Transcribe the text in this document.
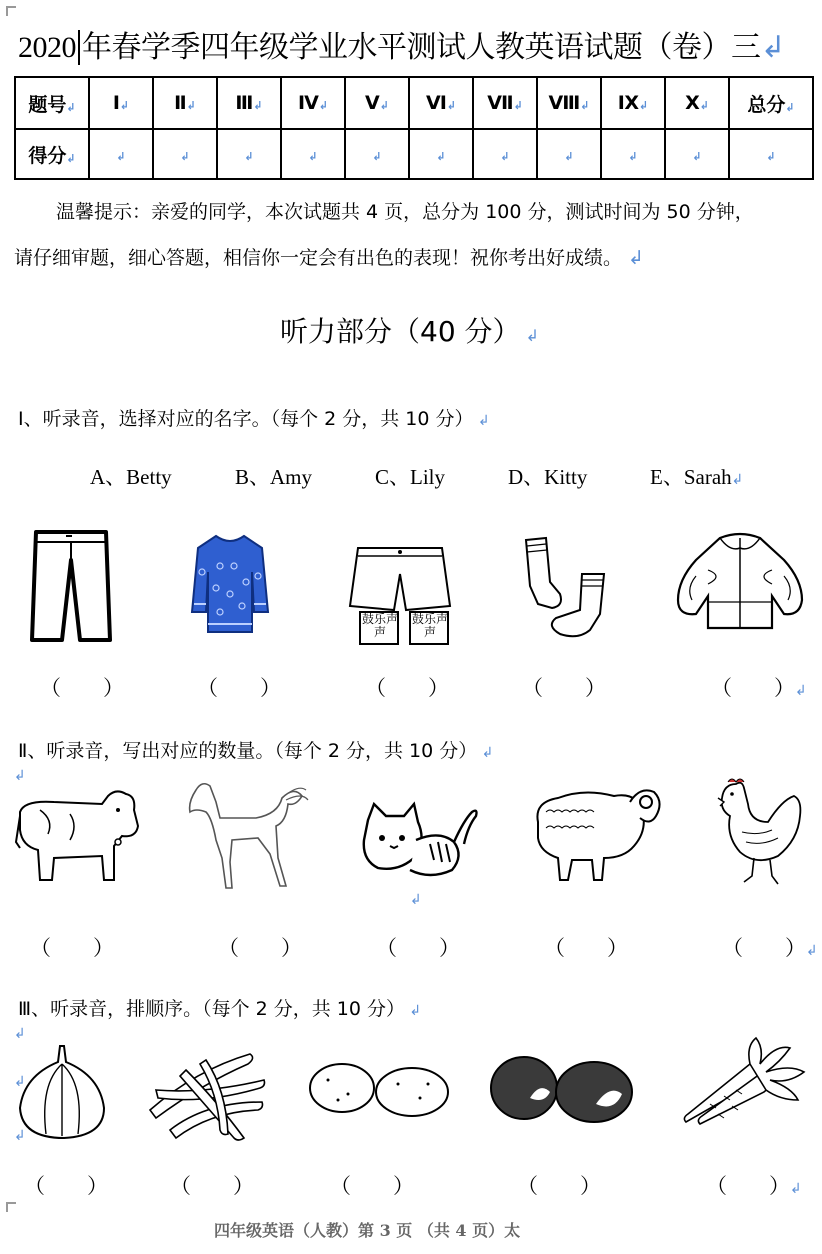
2020 年春学季四年级学业水平测试人教英语试题（卷）三↲
题号↲	Ⅰ↲	Ⅱ↲	Ⅲ↲	Ⅳ↲	Ⅴ↲	Ⅵ↲	Ⅶ↲	Ⅷ↲	Ⅸ↲	Ⅹ↲	总分↲
得分↲	↲	↲	↲	↲	↲	↲	↲	↲	↲	↲	↲
温馨提示：亲爱的同学，本次试题共 4 页，总分为 100 分，测试时间为 50 分钟，
请仔细审题，细心答题，相信你一定会有出色的表现！祝你考出好成绩。 ↲
听力部分（40 分） ↲
Ⅰ、听录音，选择对应的名字。（每个 2 分，共 10 分） ↲
A、Betty	B、Amy	C、Lily	D、Kitty	E、Sarah↲
鼓乐声声
鼓乐声声
（　　）	（　　）	（　　）	（　　）	（　　）↲
Ⅱ、听录音，写出对应的数量。（每个 2 分，共 10 分） ↲
↲
（　　）	（　　）	（　　）	（　　）	（　　）↲
Ⅲ、听录音，排顺序。（每个 2 分，共 10 分） ↲
（　　）	（　　）	（　　）	（　　）	（　　）↲
↲
↲
↲
↲
四年级英语（人教）第 3 页 （共 4 页）太
